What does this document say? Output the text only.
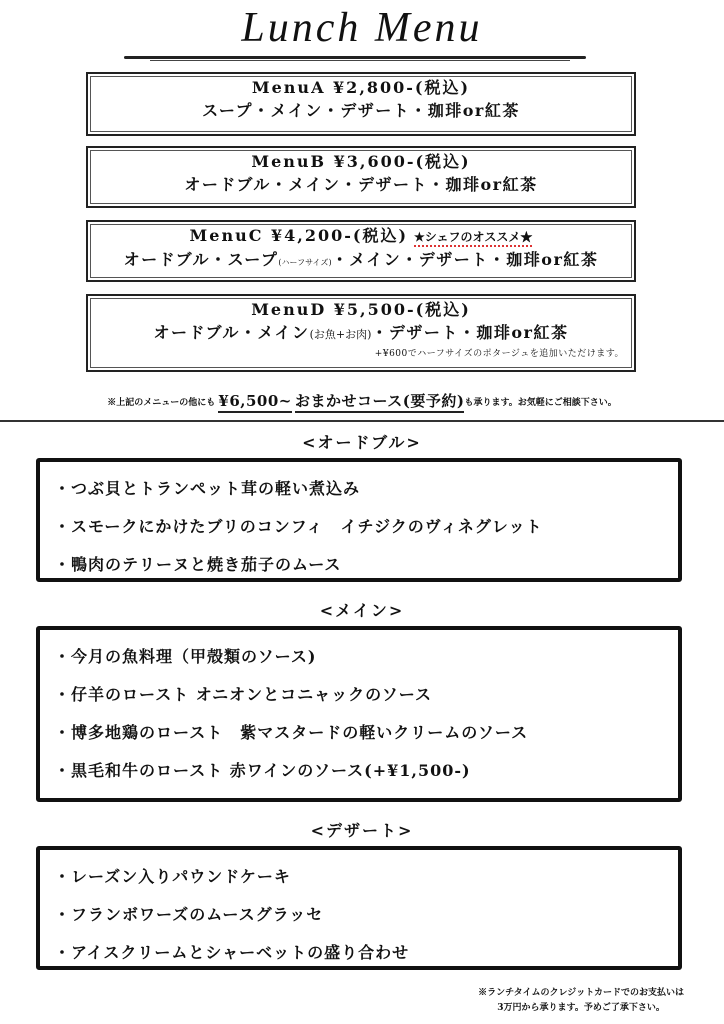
Lunch Menu
MenuA ¥2,800-(税込)
スープ・メイン・デザート・珈琲or紅茶
MenuB ¥3,600-(税込)
オードブル・メイン・デザート・珈琲or紅茶
MenuC ¥4,200-(税込) ★シェフのオススメ★
オードブル・スープ(ハーフサイズ)・メイン・デザート・珈琲or紅茶
MenuD ¥5,500-(税込)
オードブル・メイン(お魚+お肉)・デザート・珈琲or紅茶
+¥600でハーフサイズのポタージュを追加いただけます。
※上記のメニューの他にも ¥6,500~ おまかせコース(要予約)も承ります。お気軽にご相談下さい。
<オードブル>
・つぶ貝とトランペット茸の軽い煮込み
・スモークにかけたブリのコンフィ　イチジクのヴィネグレット
・鴨肉のテリーヌと焼き茄子のムース
<メイン>
・今月の魚料理（甲殻類のソース)
・仔羊のロースト オニオンとコニャックのソース
・博多地鶏のロースト　紫マスタードの軽いクリームのソース
・黒毛和牛のロースト 赤ワインのソース(+¥1,500-)
<デザート>
・レーズン入りパウンドケーキ
・フランボワーズのムースグラッセ
・アイスクリームとシャーベットの盛り合わせ
※ランチタイムのクレジットカードでのお支払いは
3万円から承ります。予めご了承下さい。
